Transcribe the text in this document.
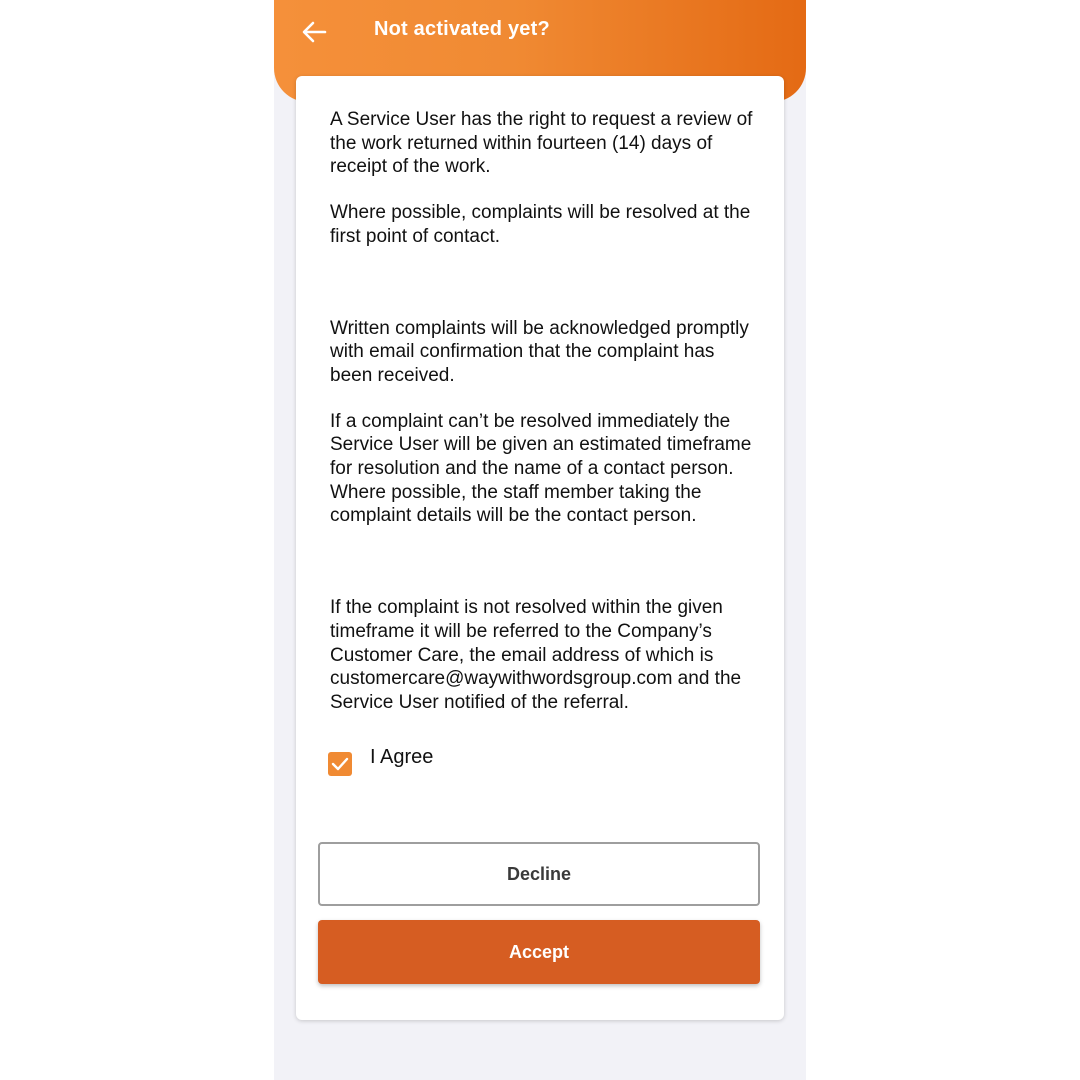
Not activated yet?

A Service User has the right to request a review of the work returned within fourteen (14) days of receipt of the work.

Where possible, complaints will be resolved at the first point of contact.

Written complaints will be acknowledged promptly with email confirmation that the complaint has been received.

If a complaint can’t be resolved immediately the Service User will be given an estimated timeframe for resolution and the name of a contact person. Where possible, the staff member taking the complaint details will be the contact person.

If the complaint is not resolved within the given timeframe it will be referred to the Company’s Customer Care, the email address of which is customercare@waywithwordsgroup.com and the Service User notified of the referral.

I Agree
Decline
Accept
